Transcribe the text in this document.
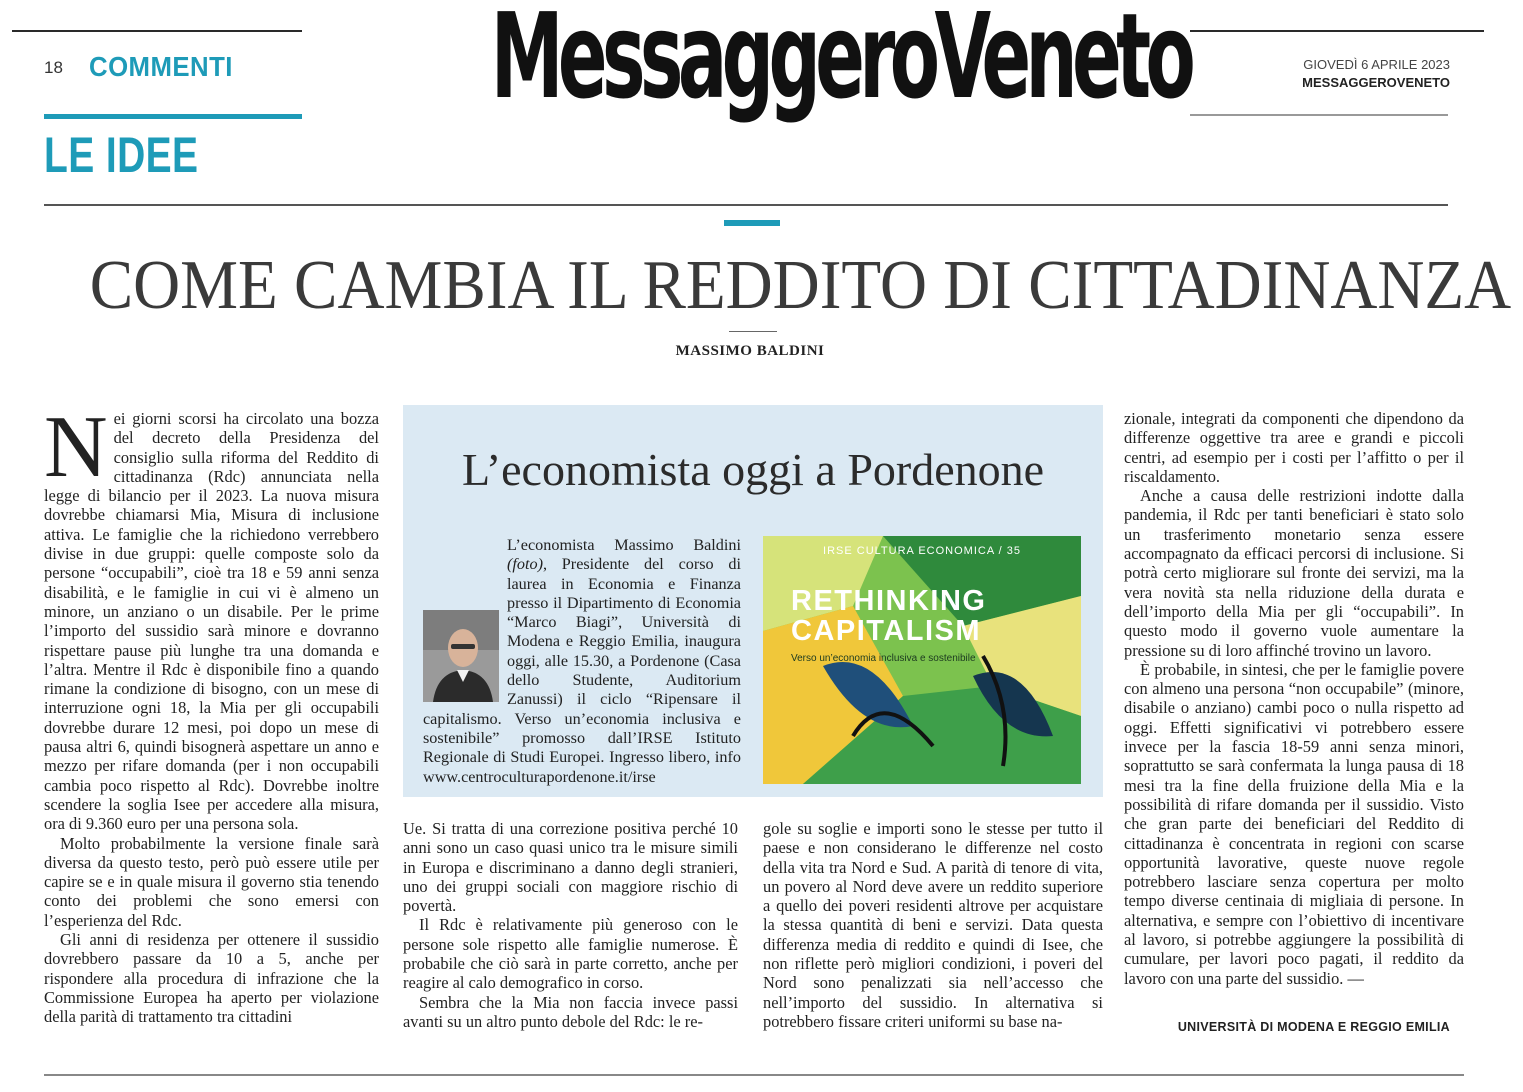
18 COMMENTI MessaggeroVeneto	GIOVEDÌ 6 APRILE 2023
MESSAGGEROVENETO
LE IDEE
COME CAMBIA IL REDDITO DI CITTADINANZA
MASSIMO BALDINI

Nei giorni scorsi ha circolato una bozza del decreto della Presidenza del consiglio sulla riforma del Reddito di cittadinanza (Rdc) annunciata nella legge di bilancio per il 2023. La nuova misura dovrebbe chiamarsi Mia, Misura di inclusione attiva. Le famiglie che la richiedono verrebbero divise in due gruppi: quelle composte solo da persone “occupabili”, cioè tra 18 e 59 anni senza disabilità, e le famiglie in cui vi è almeno un minore, un anziano o un disabile. Per le prime l’importo del sussidio sarà minore e dovranno rispettare pause più lunghe tra una domanda e l’altra. Mentre il Rdc è disponibile fino a quando rimane la condizione di bisogno, con un mese di interruzione ogni 18, la Mia per gli occupabili dovrebbe durare 12 mesi, poi dopo un mese di pausa altri 6, quindi bisognerà aspettare un anno e mezzo per rifare domanda (per i non occupabili cambia poco rispetto al Rdc). Dovrebbe inoltre scendere la soglia Isee per accedere alla misura, ora di 9.360 euro per una persona sola.

Molto probabilmente la versione finale sarà diversa da questo testo, però può essere utile per capire se e in quale misura il governo stia tenendo conto dei problemi che sono emersi con l’esperienza del Rdc.

Gli anni di residenza per ottenere il sussidio dovrebbero passare da 10 a 5, anche per rispondere alla procedura di infrazione che la Commissione Europea ha aperto per violazione della parità di trattamento tra cittadini

L’economista oggi a Pordenone
L’economista Massimo Baldini (foto), Presidente del corso di laurea in Economia e Finanza presso il Dipartimento di Economia “Marco Biagi”, Università di Modena e Reggio Emilia, inaugura oggi, alle 15.30, a Pordenone (Casa dello Studente, Auditorium Zanussi) il ciclo “Ripensare il capitalismo. Verso un’economia inclusiva e sostenibile” promosso dall’IRSE Istituto Regionale di Studi Europei. Ingresso libero, info www.centroculturapordenone.it/irse
IRSE CULTURA ECONOMICA / 35
RETHINKING
CAPITALISM
Verso un’economia inclusiva e sostenibile

Ue. Si tratta di una correzione positiva perché 10 anni sono un caso quasi unico tra le misure simili in Europa e discriminano a danno degli stranieri, uno dei gruppi sociali con maggiore rischio di povertà.

Il Rdc è relativamente più generoso con le persone sole rispetto alle famiglie numerose. È probabile che ciò sarà in parte corretto, anche per reagire al calo demografico in corso.

Sembra che la Mia non faccia invece passi avanti su un altro punto debole del Rdc: le re-

gole su soglie e importi sono le stesse per tutto il paese e non considerano le differenze nel costo della vita tra Nord e Sud. A parità di tenore di vita, un povero al Nord deve avere un reddito superiore a quello dei poveri residenti altrove per acquistare la stessa quantità di beni e servizi. Data questa differenza media di reddito e quindi di Isee, che non riflette però migliori condizioni, i poveri del Nord sono penalizzati sia nell’accesso che nell’importo del sussidio. In alternativa si potrebbero fissare criteri uniformi su base na-

zionale, integrati da componenti che dipendono da differenze oggettive tra aree e grandi e piccoli centri, ad esempio per i costi per l’affitto o per il riscaldamento.

Anche a causa delle restrizioni indotte dalla pandemia, il Rdc per tanti beneficiari è stato solo un trasferimento monetario senza essere accompagnato da efficaci percorsi di inclusione. Si potrà certo migliorare sul fronte dei servizi, ma la vera novità sta nella riduzione della durata e dell’importo della Mia per gli “occupabili”. In questo modo il governo vuole aumentare la pressione su di loro affinché trovino un lavoro.

È probabile, in sintesi, che per le famiglie povere con almeno una persona “non occupabile” (minore, disabile o anziano) cambi poco o nulla rispetto ad oggi. Effetti significativi vi potrebbero essere invece per la fascia 18-59 anni senza minori, soprattutto se sarà confermata la lunga pausa di 18 mesi tra la fine della fruizione della Mia e la possibilità di rifare domanda per il sussidio. Visto che gran parte dei beneficiari del Reddito di cittadinanza è concentrata in regioni con scarse opportunità lavorative, queste nuove regole potrebbero lasciare senza copertura per molto tempo diverse centinaia di migliaia di persone. In alternativa, e sempre con l’obiettivo di incentivare al lavoro, si potrebbe aggiungere la possibilità di cumulare, per lavori poco pagati, il reddito da lavoro con una parte del sussidio. —

UNIVERSITÀ DI MODENA E REGGIO EMILIA
